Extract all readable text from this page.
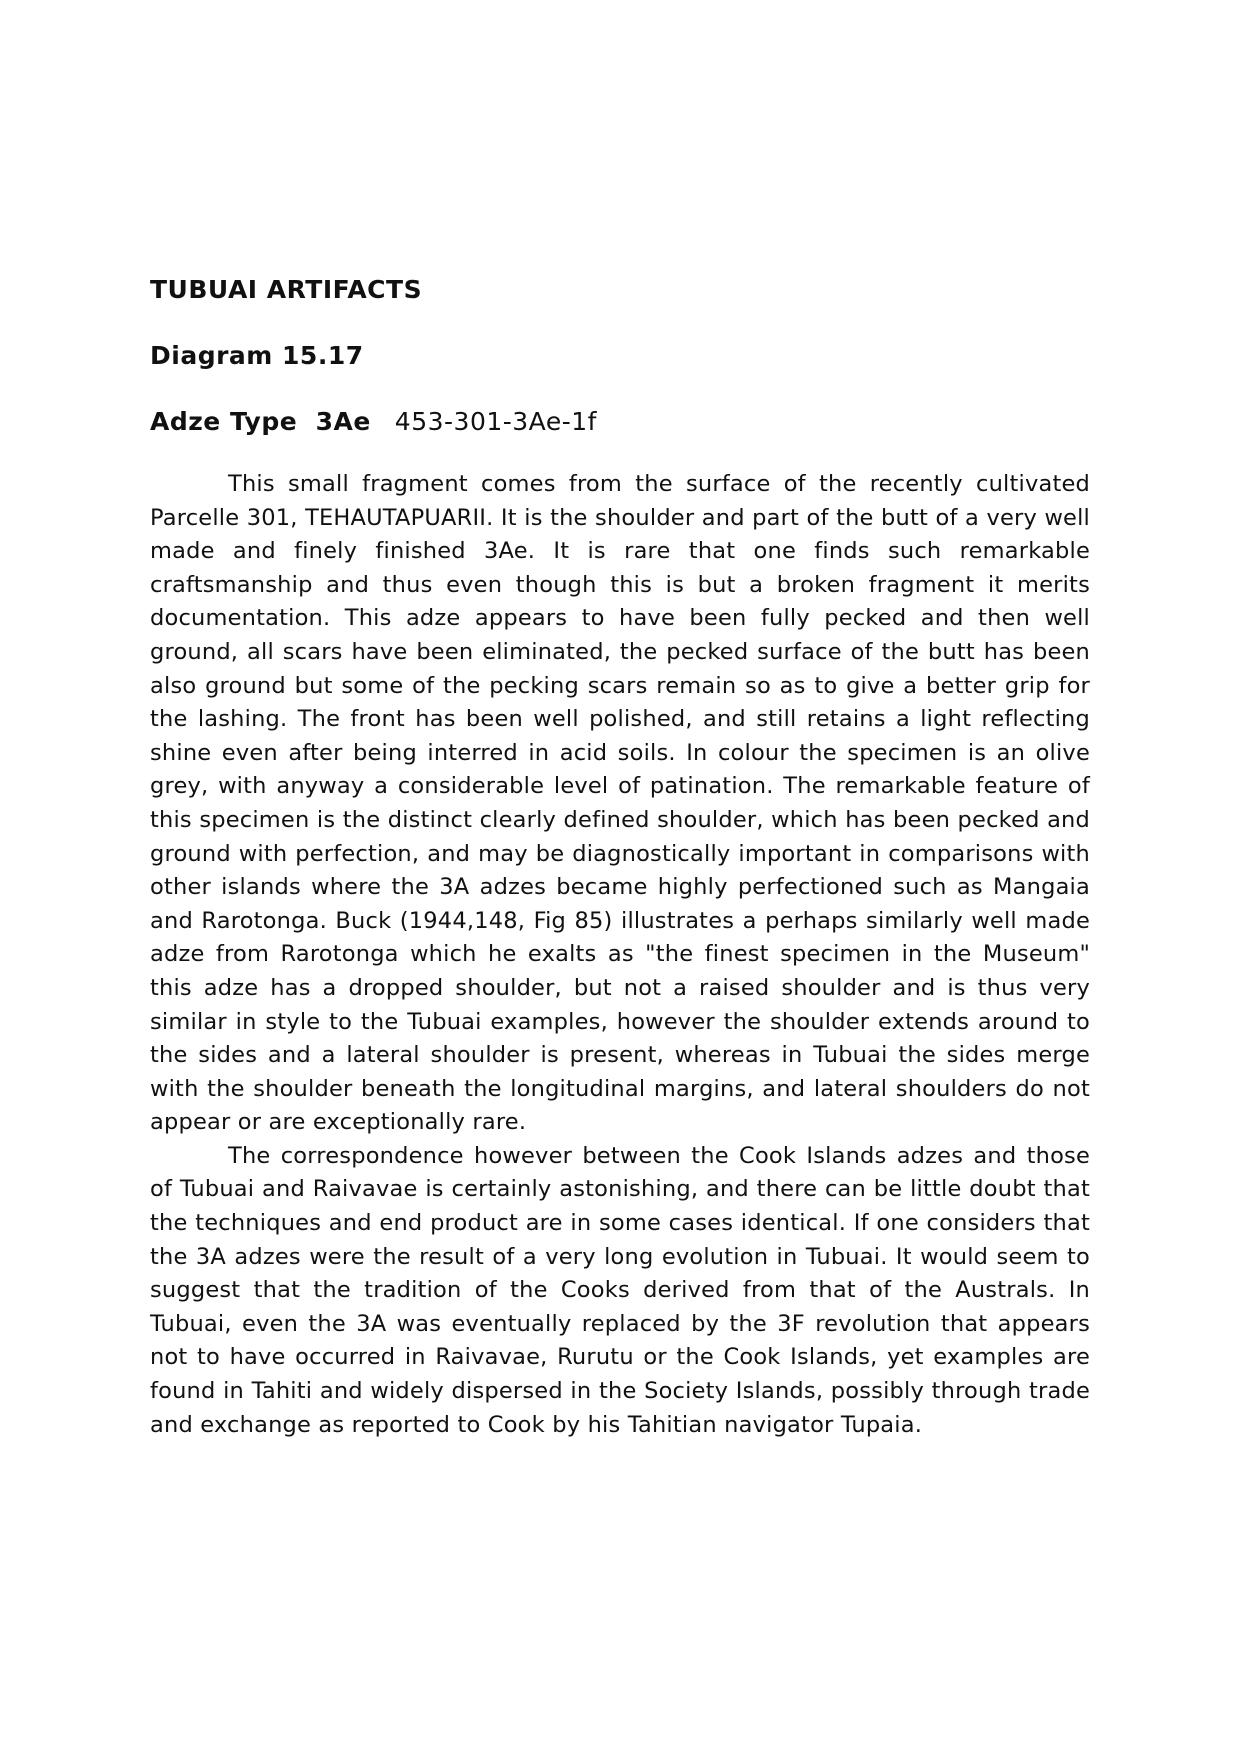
TUBUAI ARTIFACTS
Diagram 15.17
Adze Type  3Ae 453-301-3Ae-1f

This small fragment comes from the surface of the recently cultivated Parcelle 301, TEHAUTAPUARII. It is the shoulder and part of the butt of a very well made and finely finished 3Ae. It is rare that one finds such remarkable craftsmanship and thus even though this is but a broken fragment it merits documentation. This adze appears to have been fully pecked and then well ground, all scars have been eliminated, the pecked surface of the butt has been also ground but some of the pecking scars remain so as to give a better grip for the lashing. The front has been well polished, and still retains a light reflecting shine even after being interred in acid soils. In colour the specimen is an olive grey, with anyway a considerable level of patination. The remarkable feature of this specimen is the distinct clearly defined shoulder, which has been pecked and ground with perfection, and may be diagnostically important in comparisons with other islands where the 3A adzes became highly perfectioned such as Mangaia and Rarotonga. Buck (1944,148, Fig 85) illustrates a perhaps similarly well made adze from Rarotonga which he exalts as "the finest specimen in the Museum" this adze has a dropped shoulder, but not a raised shoulder and is thus very similar in style to the Tubuai examples, however the shoulder extends around to the sides and a lateral shoulder is present, whereas in Tubuai the sides merge with the shoulder beneath the longitudinal margins, and lateral shoulders do not appear or are exceptionally rare.

The correspondence however between the Cook Islands adzes and those of Tubuai and Raivavae is certainly astonishing, and there can be little doubt that the techniques and end product are in some cases identical. If one considers that the 3A adzes were the result of a very long evolution in Tubuai. It would seem to suggest that the tradition of the Cooks derived from that of the Australs. In Tubuai, even the 3A was eventually replaced by the 3F revolution that appears not to have occurred in Raivavae, Rurutu or the Cook Islands, yet examples are found in Tahiti and widely dispersed in the Society Islands, possibly through trade and exchange as reported to Cook by his Tahitian navigator Tupaia.
